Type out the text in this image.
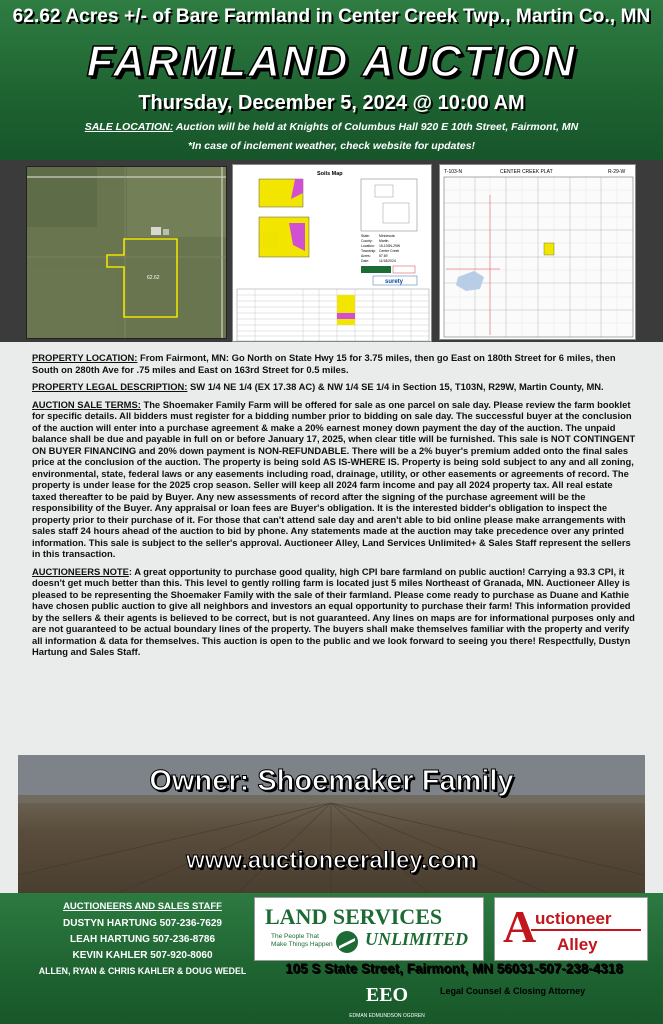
62.62 Acres +/- of Bare Farmland in Center Creek Twp., Martin Co., MN
FARMLAND AUCTION
Thursday, December 5, 2024 @ 10:00 AM
SALE LOCATION: Auction will be held at Knights of Columbus Hall 920 E 10th Street, Fairmont, MN
*In case of inclement weather, check website for updates!
62.62
Soils Map
State:	Minnesota
County: Martin
Location: 15-103N-29W
Township: Center Creek
Acres: 57.69
Date:	11/18/2024
surety
T-103-N	CENTER CREEK PLAT	R-29-W

PROPERTY LOCATION: From Fairmont, MN: Go North on State Hwy 15 for 3.75 miles, then go East on 180th Street for 6 miles, then South on 280th Ave for .75 miles and East on 163rd Street for 0.5 miles.

PROPERTY LEGAL DESCRIPTION: SW 1/4 NE 1/4 (EX 17.38 AC) & NW 1/4 SE 1/4 in Section 15, T103N, R29W, Martin County, MN.

AUCTION SALE TERMS: The Shoemaker Family Farm will be offered for sale as one parcel on sale day. Please review the farm booklet for specific details. All bidders must register for a bidding number prior to bidding on sale day. The successful buyer at the conclusion of the auction will enter into a purchase agreement & make a 20% earnest money down payment the day of the auction. The unpaid balance shall be due and payable in full on or before January 17, 2025, when clear title will be furnished. This sale is NOT CONTINGENT ON BUYER FINANCING and 20% down payment is NON-REFUNDABLE. There will be a 2% buyer's premium added onto the final sales price at the conclusion of the auction. The property is being sold AS IS-WHERE IS. Property is being sold subject to any and all zoning, environmental, state, federal laws or any easements including road, drainage, utility, or other easements or agreements of record. The property is under lease for the 2025 crop season. Seller will keep all 2024 farm income and pay all 2024 property tax. All real estate taxed thereafter to be paid by Buyer. Any new assessments of record after the signing of the purchase agreement will be the responsibility of the Buyer. Any appraisal or loan fees are Buyer's obligation. It is the interested bidder's obligation to inspect the property prior to their purchase of it. For those that can't attend sale day and aren't able to bid online please make arrangements with sales staff 24 hours ahead of the auction to bid by phone. Any statements made at the auction may take precedence over any printed information. This sale is subject to the seller's approval. Auctioneer Alley, Land Services Unlimited+ & Sales Staff represent the sellers in this transaction.

AUCTIONEERS NOTE: A great opportunity to purchase good quality, high CPI bare farmland on public auction! Carrying a 93.3 CPI, it doesn't get much better than this. This level to gently rolling farm is located just 5 miles Northeast of Granada, MN. Auctioneer Alley is pleased to be representing the Shoemaker Family with the sale of their farmland. Please come ready to purchase as Duane and Kathie have chosen public auction to give all neighbors and investors an equal opportunity to purchase their farm! This information provided by the sellers & their agents is believed to be correct, but is not guaranteed. Any lines on maps are for informational purposes only and are not guaranteed to be actual boundary lines of the property. The buyers shall make themselves familiar with the property and verify all information & data for themselves. This auction is open to the public and we look forward to seeing you there! Respectfully, Dustyn Hartung and Sales Staff.

Owner: Shoemaker Family
www.auctioneeralley.com
AUCTIONEERS AND SALES STAFF
DUSTYN HARTUNG 507-236-7629
LEAH HARTUNG 507-236-8786
KEVIN KAHLER 507-920-8060
ALLEN, RYAN & CHRIS KAHLER & DOUG WEDEL
LAND SERVICES
UNLIMITED
The People That
Make Things Happen	A
uctioneer
Alley
105 S State Street, Fairmont, MN 56031-507-238-4318
EEO
EDMAN EDMUNDSON OGDREN
Legal Counsel & Closing Attorney
